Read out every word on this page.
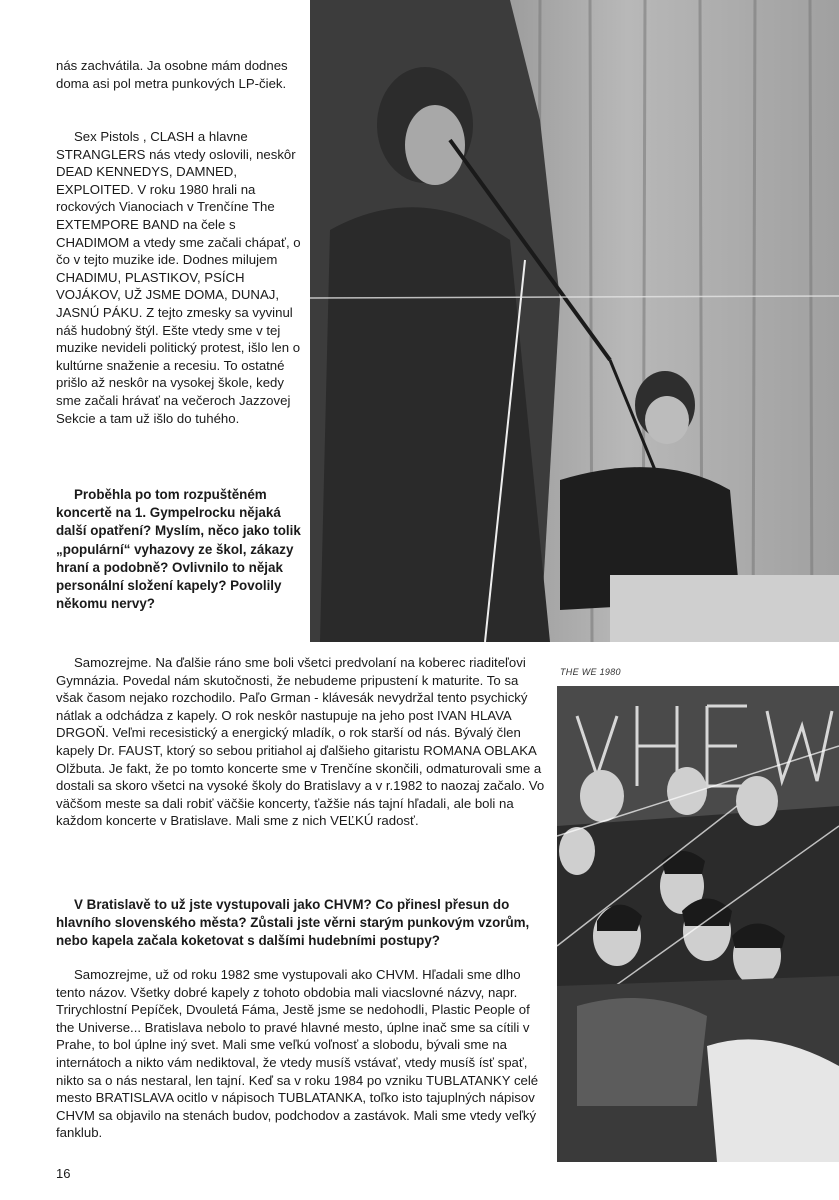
nás zachvátila. Ja osobne mám dodnes doma asi pol metra punkových LP-čiek.

Sex Pistols , CLASH a hlavne STRANGLERS nás vtedy oslovili, neskôr DEAD KENNEDYS, DAMNED, EXPLOITED. V roku 1980 hrali na rockových Vianociach v Trenčíne The EXTEMPORE BAND na čele s CHADIMOM a vtedy sme začali chápať, o čo v tejto muzike ide. Dodnes milujem CHADIMU, PLASTIKOV, PSÍCH VOJÁKOV, UŽ JSME DOMA, DUNAJ, JASNÚ PÁKU. Z tejto zmesky sa vyvinul náš hudobný štýl. Ešte vtedy sme v tej muzike nevideli politický protest, išlo len o kultúrne snaženie a recesiu. To ostatné prišlo až neskôr na vysokej škole, kedy sme začali hrávať na večeroch Jazzovej Sekcie a tam už išlo do tuhého.

Proběhla po tom rozpuštěném koncertě na 1. Gympelrocku nějaká další opatření? Myslím, něco jako tolik „populární“ vyhazovy ze škol, zákazy hraní a podobně? Ovlivnilo to nějak personální složení kapely? Povolily někomu nervy?

Samozrejme. Na ďalšie ráno sme boli všetci predvolaní na koberec riaditeľovi Gymnázia. Povedal nám skutočnosti, že nebudeme pripustení k maturite. To sa však časom nejako rozchodilo. Paľo Grman - klávesák nevydržal tento psychický nátlak a odchádza z kapely. O rok neskôr nastupuje na jeho post IVAN HLAVA DRGOŇ. Veľmi recesistický a energický mladík, o rok starší od nás. Bývalý člen kapely Dr. FAUST, ktorý so sebou pritiahol aj ďalšieho gitaristu ROMANA OBLAKA Olžbuta. Je fakt, že po tomto koncerte sme v Trenčíne skončili, odmaturovali sme a dostali sa skoro všetci na vysoké školy do Bratislavy a v r.1982 to naozaj začalo. Vo väčšom meste sa dali robiť väčšie koncerty, ťažšie nás tajní hľadali, ale boli na každom koncerte v Bratislave. Mali sme z nich VEĽKÚ radosť.

V Bratislavě to už jste vystupovali jako CHVM? Co přinesl přesun do hlavního slovenského města? Zůstali jste věrni starým punkovým vzorům, nebo kapela začala koketovat s dalšími hudebními postupy?

Samozrejme, už od roku 1982 sme vystupovali ako CHVM. Hľadali sme dlho tento názov. Všetky dobré kapely z tohoto obdobia mali viacslovné názvy, napr. Trirychlostní Pepíček, Dvouletá Fáma, Jestě jsme se nedohodli, Plastic People of the Universe... Bratislava nebolo to pravé hlavné mesto, úplne inač sme sa cítili v Prahe, to bol úplne iný svet. Mali sme veľkú voľnosť a slobodu, bývali sme na internátoch a nikto vám nediktoval, že vtedy musíš vstávať, vtedy musíš ísť spať, nikto sa o nás nestaral, len tajní. Keď sa v roku 1984 po vzniku TUBLATANKY celé mesto BRATISLAVA ocitlo v nápisoch TUBLATANKA, toľko isto tajuplných nápisov CHVM sa objavilo na stenách budov, podchodov a zastávok. Mali sme vtedy veľký fanklub.

THE WE 1980
16
